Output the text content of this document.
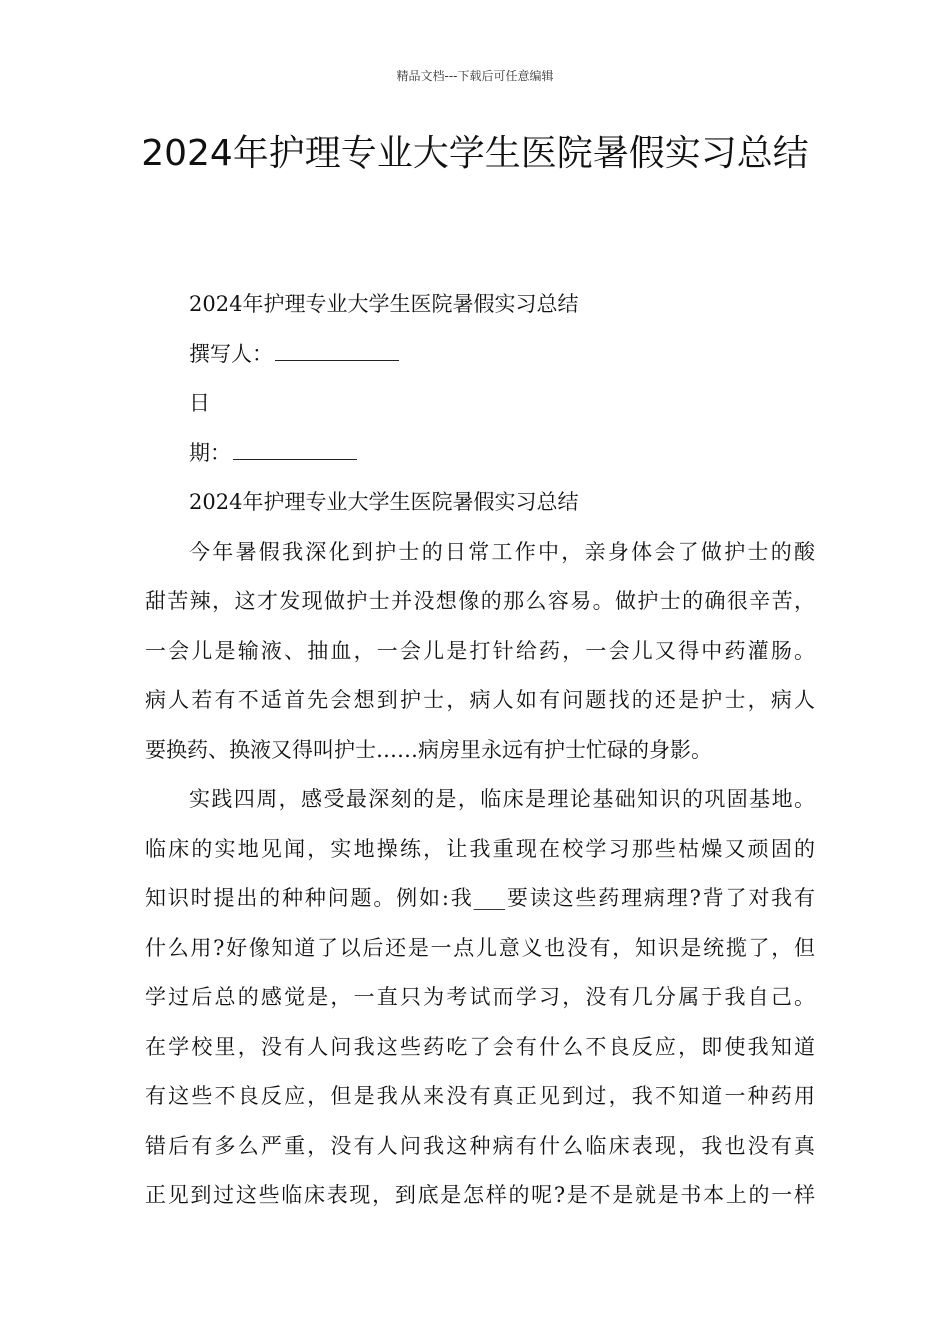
精品文档---下载后可任意编辑
2024年护理专业大学生医院暑假实习总结
2024年护理专业大学生医院暑假实习总结
撰写人：
日
期：
2024年护理专业大学生医院暑假实习总结
今年暑假我深化到护士的日常工作中，亲身体会了做护士的酸
甜苦辣，这才发现做护士并没想像的那么容易。做护士的确很辛苦，
一会儿是输液、抽血，一会儿是打针给药，一会儿又得中药灌肠。
病人若有不适首先会想到护士，病人如有问题找的还是护士，病人
要换药、换液又得叫护士……病房里永远有护士忙碌的身影。
实践四周，感受最深刻的是，临床是理论基础知识的巩固基地。
临床的实地见闻，实地操练，让我重现在校学习那些枯燥又顽固的
知识时提出的种种问题。例如:我___要读这些药理病理?背了对我有
什么用?好像知道了以后还是一点儿意义也没有，知识是统揽了，但
学过后总的感觉是，一直只为考试而学习，没有几分属于我自己。
在学校里，没有人问我这些药吃了会有什么不良反应，即使我知道
有这些不良反应，但是我从来没有真正见到过，我不知道一种药用
错后有多么严重，没有人问我这种病有什么临床表现，我也没有真
正见到过这些临床表现，到底是怎样的呢?是不是就是书本上的一样
